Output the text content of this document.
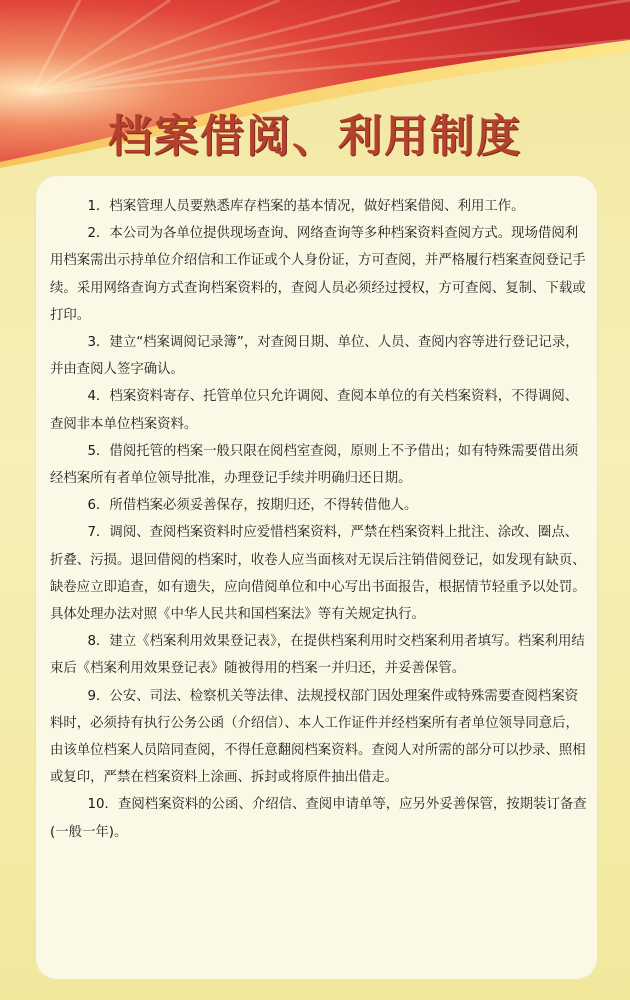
档案借阅、利用制度

1．档案管理人员要熟悉库存档案的基本情况，做好档案借阅、利用工作。

2．本公司为各单位提供现场查询、网络查询等多种档案资料查阅方式。现场借阅利用档案需出示持单位介绍信和工作证或个人身份证，方可查阅，并严格履行档案查阅登记手续。采用网络查询方式查询档案资料的，查阅人员必须经过授权，方可查阅、复制、下载或打印。

3．建立“档案调阅记录簿”，对查阅日期、单位、人员、查阅内容等进行登记记录，并由查阅人签字确认。

4．档案资料寄存、托管单位只允许调阅、查阅本单位的有关档案资料，不得调阅、查阅非本单位档案资料。

5．借阅托管的档案一般只限在阅档室查阅，原则上不予借出；如有特殊需要借出须经档案所有者单位领导批准，办理登记手续并明确归还日期。

6．所借档案必须妥善保存，按期归还，不得转借他人。

7．调阅、查阅档案资料时应爱惜档案资料，严禁在档案资料上批注、涂改、圈点、折叠、污损。退回借阅的档案时，收卷人应当面核对无误后注销借阅登记，如发现有缺页、缺卷应立即追查，如有遗失，应向借阅单位和中心写出书面报告，根据情节轻重予以处罚。具体处理办法对照《中华人民共和国档案法》等有关规定执行。

8．建立《档案利用效果登记表》，在提供档案利用时交档案利用者填写。档案利用结束后《档案利用效果登记表》随被得用的档案一并归还，并妥善保管。

9．公安、司法、检察机关等法律、法规授权部门因处理案件或特殊需要查阅档案资料时，必须持有执行公务公函（介绍信）、本人工作证件并经档案所有者单位领导同意后，由该单位档案人员陪同查阅，不得任意翻阅档案资料。查阅人对所需的部分可以抄录、照相或复印，严禁在档案资料上涂画、拆封或将原件抽出借走。

10．查阅档案资料的公函、介绍信、查阅申请单等，应另外妥善保管，按期装订备查(一般一年)。
